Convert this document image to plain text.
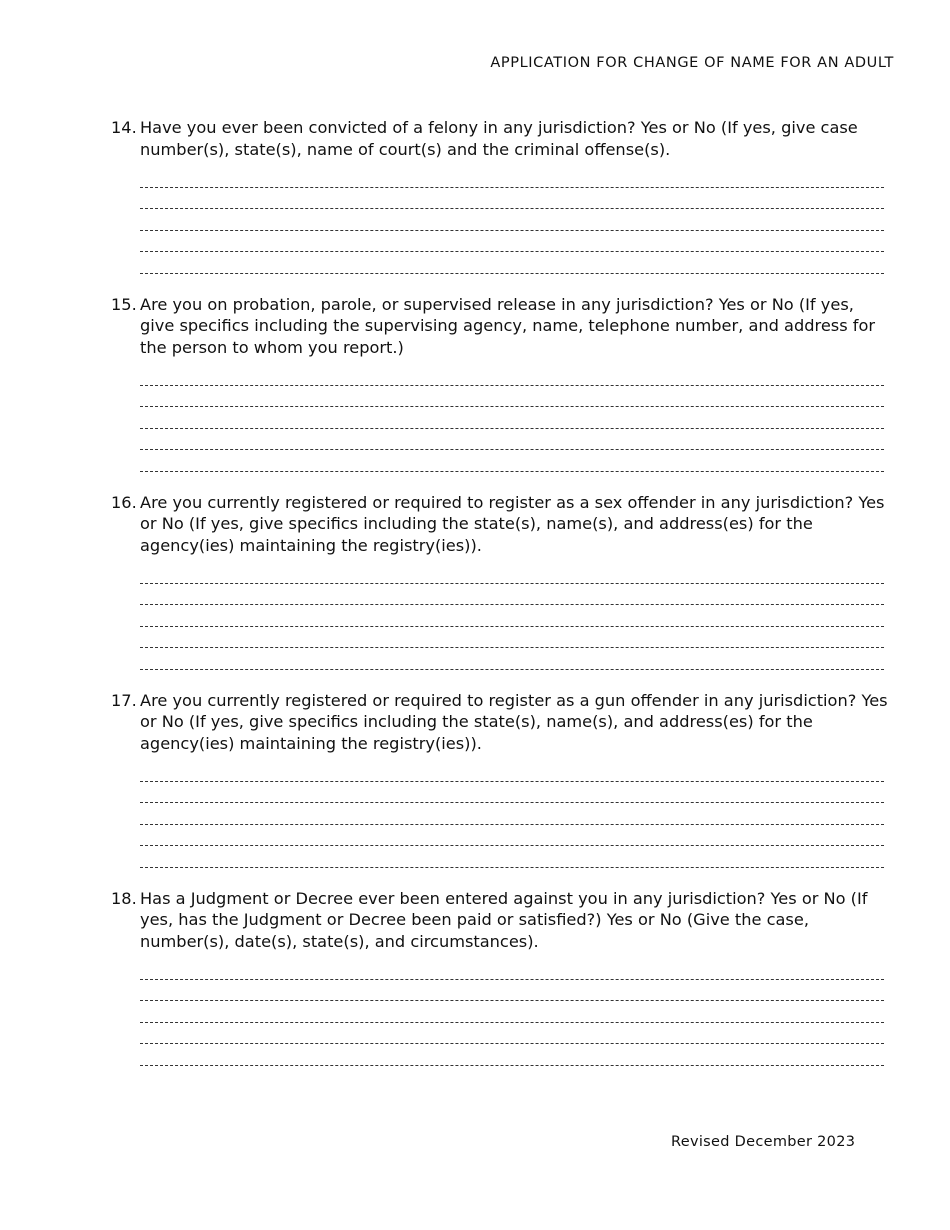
APPLICATION FOR CHANGE OF NAME FOR AN ADULT
14. Have you ever been convicted of a felony in any jurisdiction? Yes or No (If yes, give case number(s), state(s), name of court(s) and the criminal offense(s).
15. Are you on probation, parole, or supervised release in any jurisdiction? Yes or No (If yes, give specifics including the supervising agency, name, telephone number, and address for the person to whom you report.)
16. Are you currently registered or required to register as a sex offender in any jurisdiction? Yes or No (If yes, give specifics including the state(s), name(s), and address(es) for the agency(ies) maintaining the registry(ies)).
17. Are you currently registered or required to register as a gun offender in any jurisdiction? Yes or No (If yes, give specifics including the state(s), name(s), and address(es) for the agency(ies) maintaining the registry(ies)).
18. Has a Judgment or Decree ever been entered against you in any jurisdiction? Yes or No (If yes, has the Judgment or Decree been paid or satisfied?) Yes or No (Give the case, number(s), date(s), state(s), and circumstances).
Revised December 2023
